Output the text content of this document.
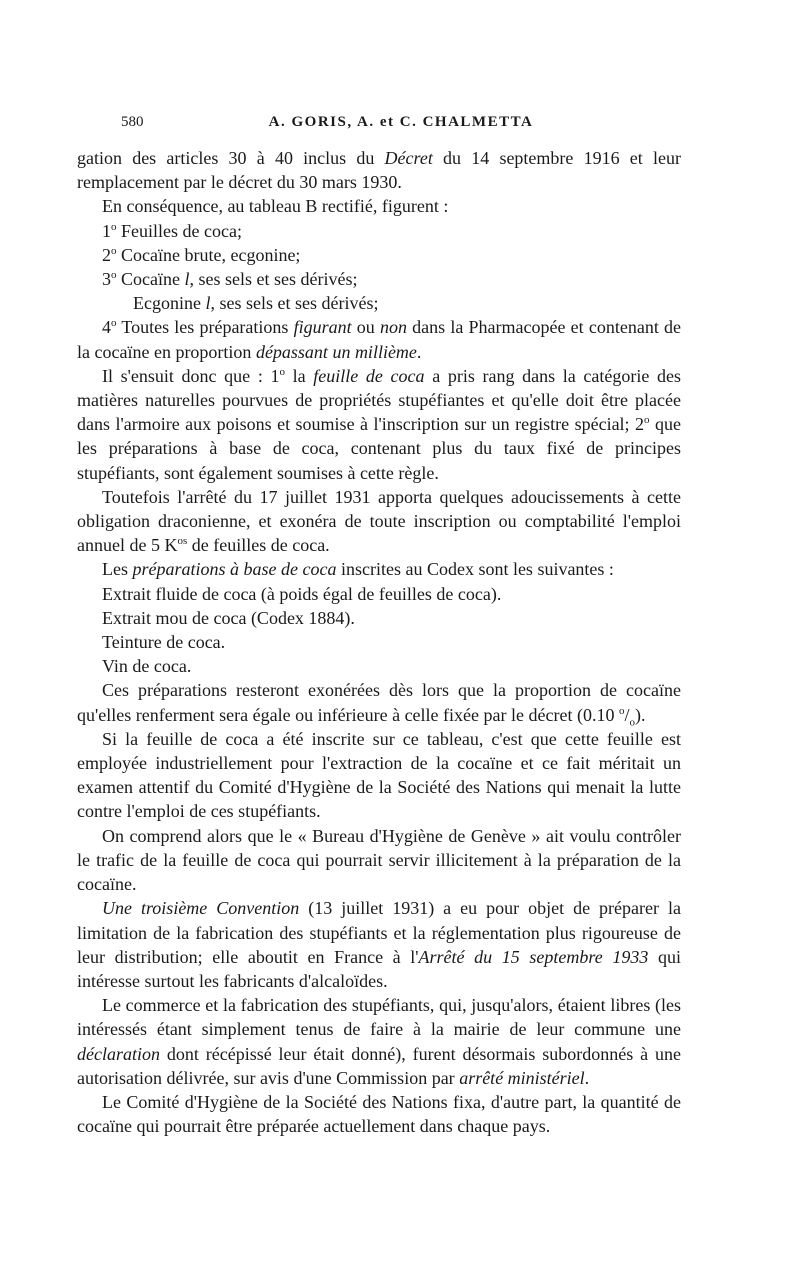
580	A. GORIS, A. et C. CHALMETTA

gation des articles 30 à 40 inclus du Décret du 14 septembre 1916 et leur remplacement par le décret du 30 mars 1930.

En conséquence, au tableau B rectifié, figurent :

1$^o$ Feuilles de coca;

2$^o$ Cocaïne brute, ecgonine;

3$^o$ Cocaïne l, ses sels et ses dérivés;

Ecgonine l, ses sels et ses dérivés;

4$^o$ Toutes les préparations figurant ou non dans la Pharmacopée et contenant de la cocaïne en proportion dépassant un millième.

Il s'ensuit donc que : 1$^o$ la feuille de coca a pris rang dans la catégorie des matières naturelles pourvues de propriétés stupéfiantes et qu'elle doit être placée dans l'armoire aux poisons et soumise à l'inscription sur un registre spécial; 2$^o$ que les préparations à base de coca, contenant plus du taux fixé de principes stupéfiants, sont également soumises à cette règle.

Toutefois l'arrêté du 17 juillet 1931 apporta quelques adoucissements à cette obligation draconienne, et exonéra de toute inscription ou comptabilité l'emploi annuel de 5 $K^{os}$ de feuilles de coca.

Les préparations à base de coca inscrites au Codex sont les suivantes :

Extrait fluide de coca (à poids égal de feuilles de coca).

Extrait mou de coca (Codex 1884).

Teinture de coca.

Vin de coca.

Ces préparations resteront exonérées dès lors que la proportion de cocaïne qu'elles renferment sera égale ou inférieure à celle fixée par le décret (0.10 $^o/_o$).

Si la feuille de coca a été inscrite sur ce tableau, c'est que cette feuille est employée industriellement pour l'extraction de la cocaïne et ce fait méritait un examen attentif du Comité d'Hygiène de la Société des Nations qui menait la lutte contre l'emploi de ces stupéfiants.

On comprend alors que le « Bureau d'Hygiène de Genève » ait voulu contrôler le trafic de la feuille de coca qui pourrait servir illicitement à la préparation de la cocaïne.

Une troisième Convention (13 juillet 1931) a eu pour objet de préparer la limitation de la fabrication des stupéfiants et la réglementation plus rigoureuse de leur distribution; elle aboutit en France à l'Arrêté du 15 septembre 1933 qui intéresse surtout les fabricants d'alcaloïdes.

Le commerce et la fabrication des stupéfiants, qui, jusqu'alors, étaient libres (les intéressés étant simplement tenus de faire à la mairie de leur commune une déclaration dont récépissé leur était donné), furent désormais subordonnés à une autorisation délivrée, sur avis d'une Commission par arrêté ministériel.

Le Comité d'Hygiène de la Société des Nations fixa, d'autre part, la quantité de cocaïne qui pourrait être préparée actuellement dans chaque pays.
